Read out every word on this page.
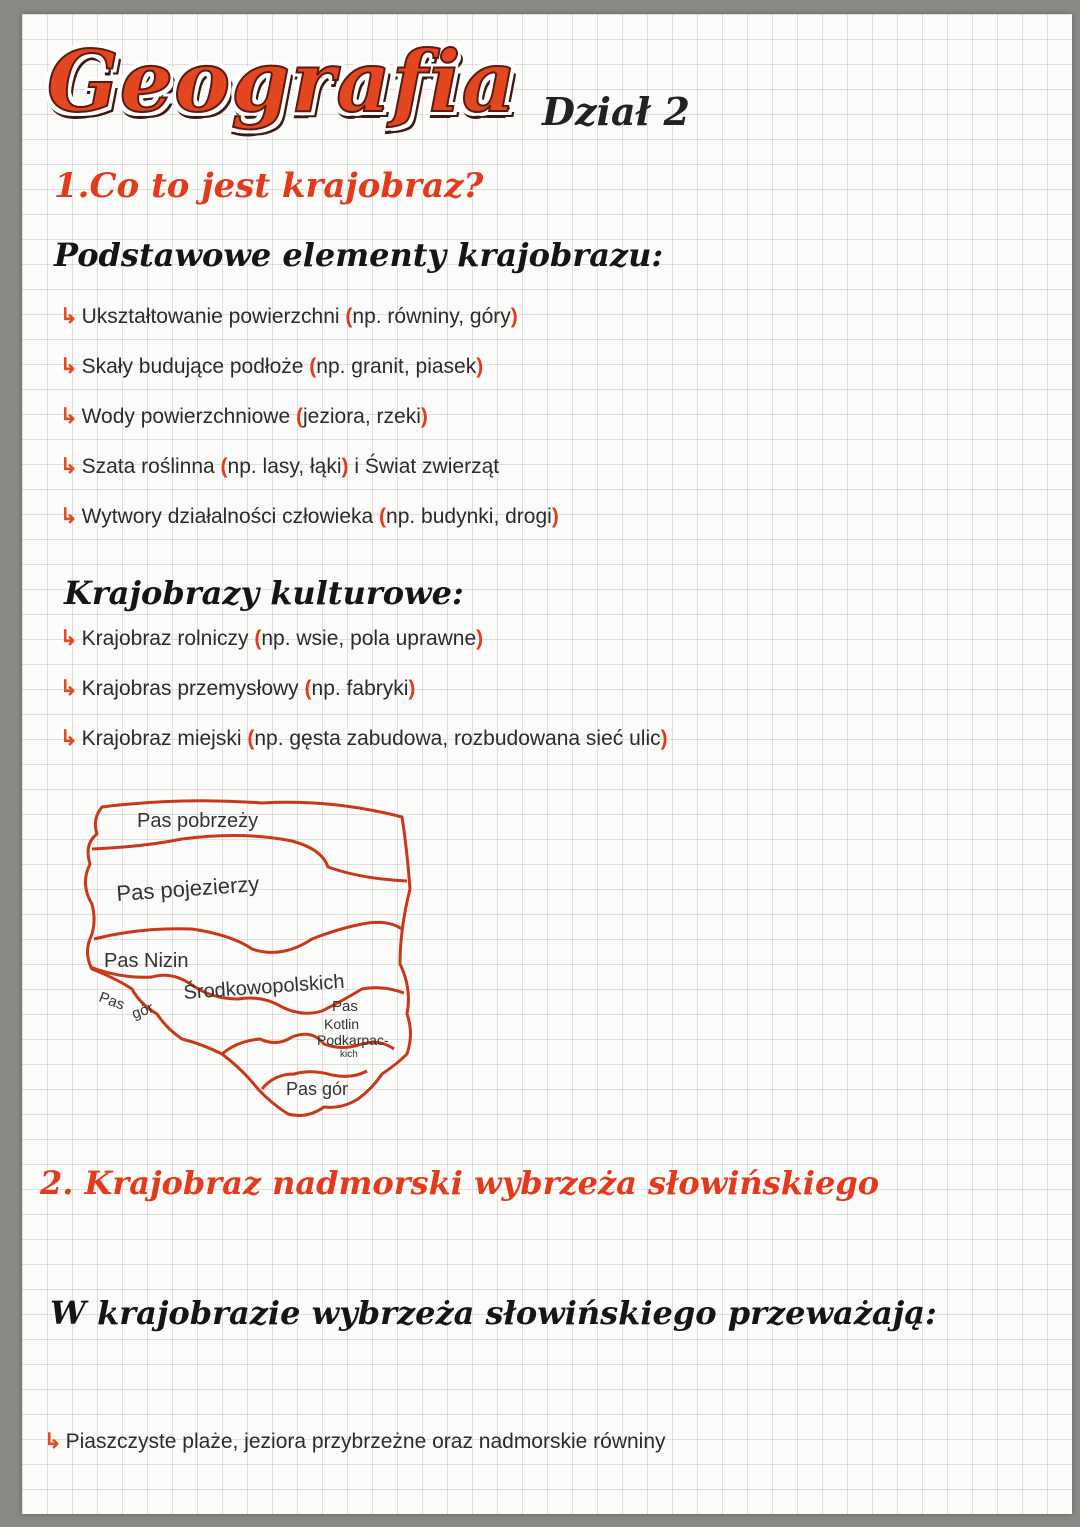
Geografia Dział 2
1.Co to jest krajobraz?
Podstawowe elementy krajobrazu:
↳ Ukształtowanie powierzchni (np. równiny, góry)
↳ Skały budujące podłoże (np. granit, piasek)
↳ Wody powierzchniowe (jeziora, rzeki)
↳ Szata roślinna (np. lasy, łąki) i Świat zwierząt
↳ Wytwory działalności człowieka (np. budynki, drogi)
Krajobrazy kulturowe:
↳ Krajobraz rolniczy (np. wsie, pola uprawne)
↳ Krajobras przemysłowy (np. fabryki)
↳ Krajobraz miejski (np. gęsta zabudowa, rozbudowana sieć ulic)
Pas pobrzeży
Pas pojezierzy
Pas Nizin
Środkowopolskich
Pas gór	Pas
Kotlin
Podkarpac-
kich
Pas gór
2. Krajobraz nadmorski wybrzeża słowińskiego
W krajobrazie wybrzeża słowińskiego przeważają:
↳ Piaszczyste plaże, jeziora przybrzeżne oraz nadmorskie równiny
